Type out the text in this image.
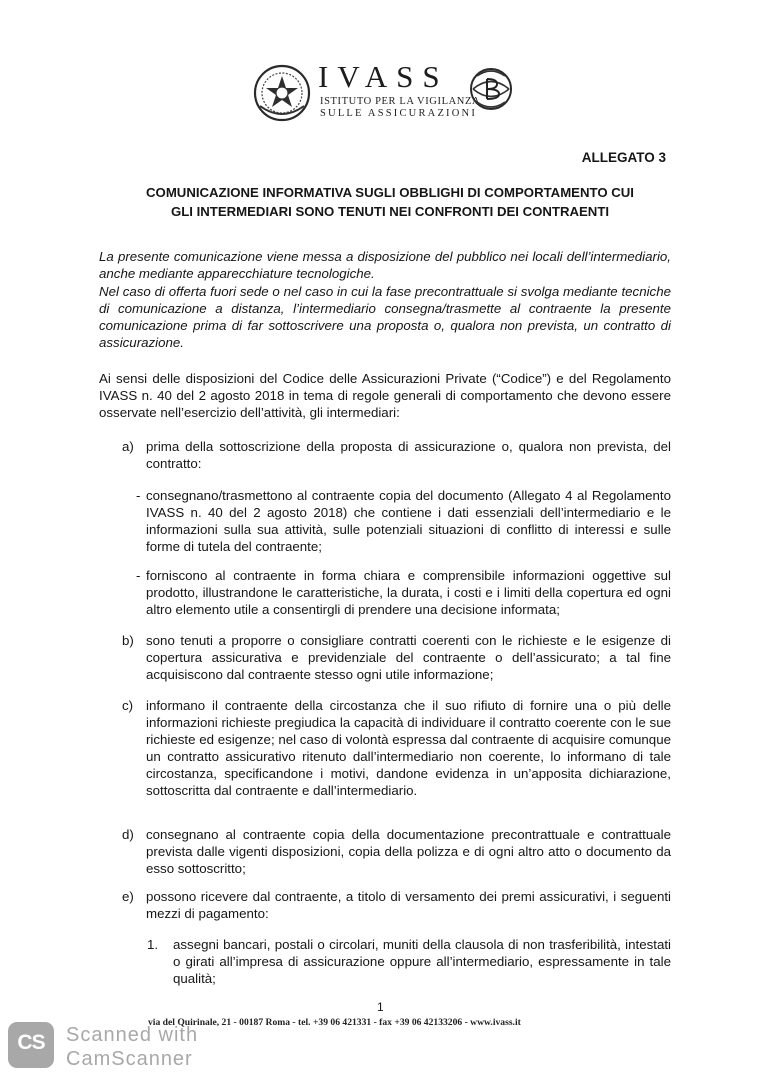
IVASS
ISTITUTO PER LA VIGILANZA
SULLE ASSICURAZIONI
ALLEGATO 3
COMUNICAZIONE INFORMATIVA SUGLI OBBLIGHI DI COMPORTAMENTO CUI
GLI INTERMEDIARI SONO TENUTI NEI CONFRONTI DEI CONTRAENTI

La presente comunicazione viene messa a disposizione del pubblico nei locali dell’intermediario, anche mediante apparecchiature tecnologiche.

Nel caso di offerta fuori sede o nel caso in cui la fase precontrattuale si svolga mediante tecniche di comunicazione a distanza, l’intermediario consegna/trasmette al contraente la presente comunicazione prima di far sottoscrivere una proposta o, qualora non prevista, un contratto di assicurazione.

Ai sensi delle disposizioni del Codice delle Assicurazioni Private (“Codice”) e del Regolamento IVASS n. 40 del 2 agosto 2018 in tema di regole generali di comportamento che devono essere osservate nell’esercizio dell’attività, gli intermediari:

a) prima della sottoscrizione della proposta di assicurazione o, qualora non prevista, del contratto:
- consegnano/trasmettono al contraente copia del documento (Allegato 4 al Regolamento IVASS n. 40 del 2 agosto 2018) che contiene i dati essenziali dell’intermediario e le informazioni sulla sua attività, sulle potenziali situazioni di conflitto di interessi e sulle forme di tutela del contraente;
- forniscono al contraente in forma chiara e comprensibile informazioni oggettive sul prodotto, illustrandone le caratteristiche, la durata, i costi e i limiti della copertura ed ogni altro elemento utile a consentirgli di prendere una decisione informata;
b) sono tenuti a proporre o consigliare contratti coerenti con le richieste e le esigenze di copertura assicurativa e previdenziale del contraente o dell’assicurato; a tal fine acquisiscono dal contraente stesso ogni utile informazione;
c) informano il contraente della circostanza che il suo rifiuto di fornire una o più delle informazioni richieste pregiudica la capacità di individuare il contratto coerente con le sue richieste ed esigenze; nel caso di volontà espressa dal contraente di acquisire comunque un contratto assicurativo ritenuto dall’intermediario non coerente, lo informano di tale circostanza, specificandone i motivi, dandone evidenza in un’apposita dichiarazione, sottoscritta dal contraente e dall’intermediario.
d) consegnano al contraente copia della documentazione precontrattuale e contrattuale prevista dalle vigenti disposizioni, copia della polizza e di ogni altro atto o documento da esso sottoscritto;
e) possono ricevere dal contraente, a titolo di versamento dei premi assicurativi, i seguenti mezzi di pagamento:
1. assegni bancari, postali o circolari, muniti della clausola di non trasferibilità, intestati o girati all’impresa di assicurazione oppure all’intermediario, espressamente in tale qualità;
1
via del Quirinale, 21 - 00187 Roma - tel. +39 06 421331 - fax +39 06 42133206 - www.ivass.it
CS	Scanned with
CamScanner
